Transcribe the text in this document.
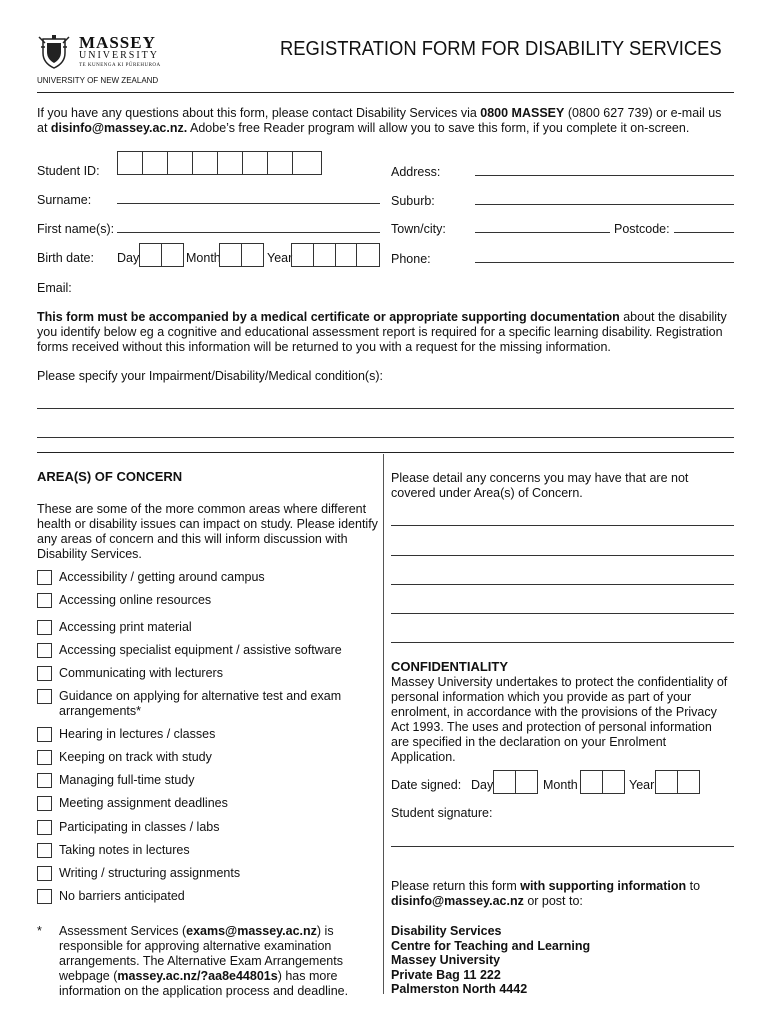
MASSEY
UNIVERSITY
TE KUNENGA KI PŪREHUROA
UNIVERSITY OF NEW ZEALAND
REGISTRATION FORM FOR DISABILITY SERVICES
If you have any questions about this form, please contact Disability Services via 0800 MASSEY (0800 627 739) or e-mail us
at disinfo@massey.ac.nz. Adobe’s free Reader program will allow you to save this form, if you complete it on-screen.
Student ID:
Surname:
First name(s):
Birth date: Day	Month	Year
Email:
Address:
Suburb:
Town/city:	Postcode:
Phone:
This form must be accompanied by a medical certificate or appropriate supporting documentation about the disability you identify below eg a cognitive and educational assessment report is required for a specific learning disability. Registration forms received without this information will be returned to you with a request for the missing information.
Please specify your Impairment/Disability/Medical condition(s):
AREA(S) OF CONCERN
These are some of the more common areas where different health or disability issues can impact on study. Please identify any areas of concern and this will inform discussion with Disability Services.
Accessibility / getting around campus
Accessing online resources
Accessing print material
Accessing specialist equipment / assistive software
Communicating with lecturers
Guidance on applying for alternative test and exam arrangements*
Hearing in lectures / classes
Keeping on track with study
Managing full-time study
Meeting assignment deadlines
Participating in classes / labs
Taking notes in lectures
Writing / structuring assignments
No barriers anticipated
* Assessment Services (exams@massey.ac.nz) is responsible for approving alternative examination arrangements. The Alternative Exam Arrangements webpage (massey.ac.nz/?aa8e44801s) has more information on the application process and deadline.
Please detail any concerns you may have that are not covered under Area(s) of Concern.
CONFIDENTIALITY
Massey University undertakes to protect the confidentiality of personal information which you provide as part of your enrolment, in accordance with the provisions of the Privacy Act 1993. The uses and protection of personal information are specified in the declaration on your Enrolment Application.
Date signed: Day	Month	Year
Student signature:
Please return this form with supporting information to
disinfo@massey.ac.nz or post to:
Disability Services
Centre for Teaching and Learning
Massey University
Private Bag 11 222
Palmerston North 4442
